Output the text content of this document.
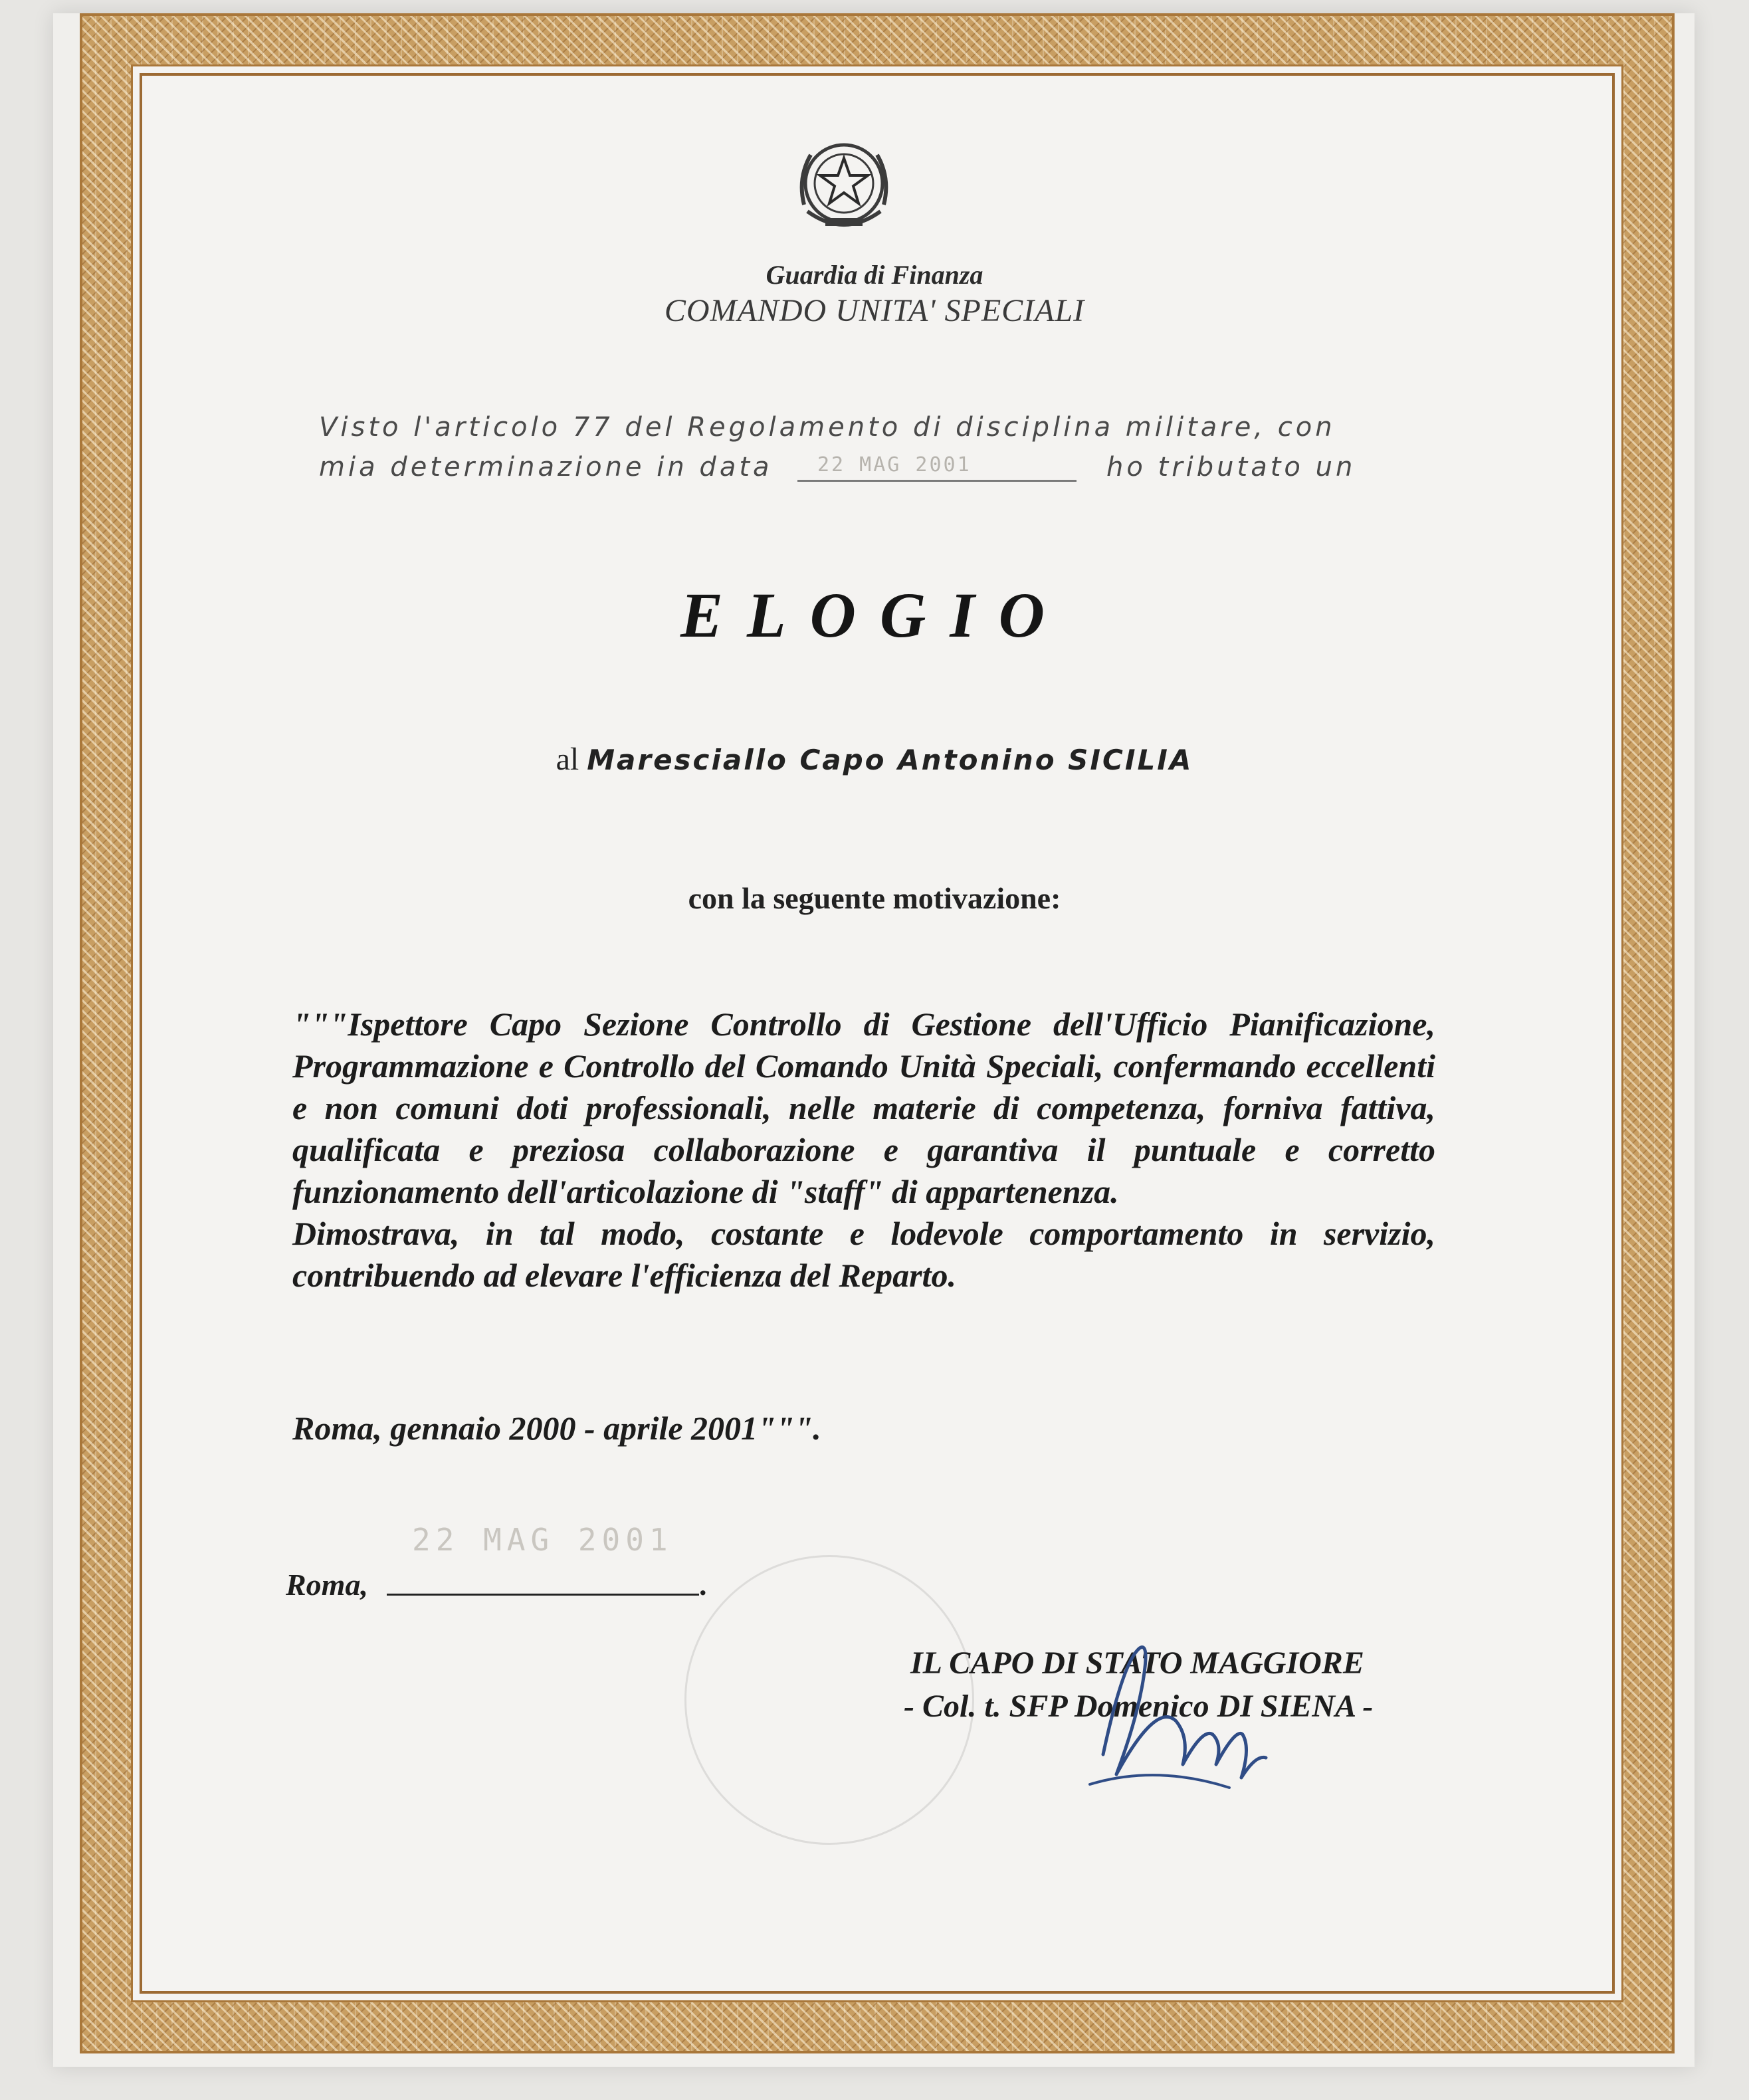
Guardia di Finanza
COMANDO UNITA' SPECIALI
Visto l'articolo 77 del Regolamento di disciplina militare, con
mia determinazione in data 22 MAG 2001	ho tributato un
ELOGIO
al Maresciallo Capo Antonino SICILIA
con la seguente motivazione:

"""Ispettore Capo Sezione Controllo di Gestione dell'Ufficio Pianificazione, Programmazione e Controllo del Comando Unità Speciali, confermando eccellenti e non comuni doti professionali, nelle materie di competenza, forniva fattiva, qualificata e preziosa collaborazione e garantiva il puntuale e corretto funzionamento dell'articolazione di "staff" di appartenenza.

Dimostrava, in tal modo, costante e lodevole comportamento in servizio, contribuendo ad elevare l'efficienza del Reparto.

Roma, gennaio 2000 - aprile 2001""".
22 MAG 2001
Roma,	.
IL CAPO DI STATO MAGGIORE
- Col. t. SFP Domenico DI SIENA -
